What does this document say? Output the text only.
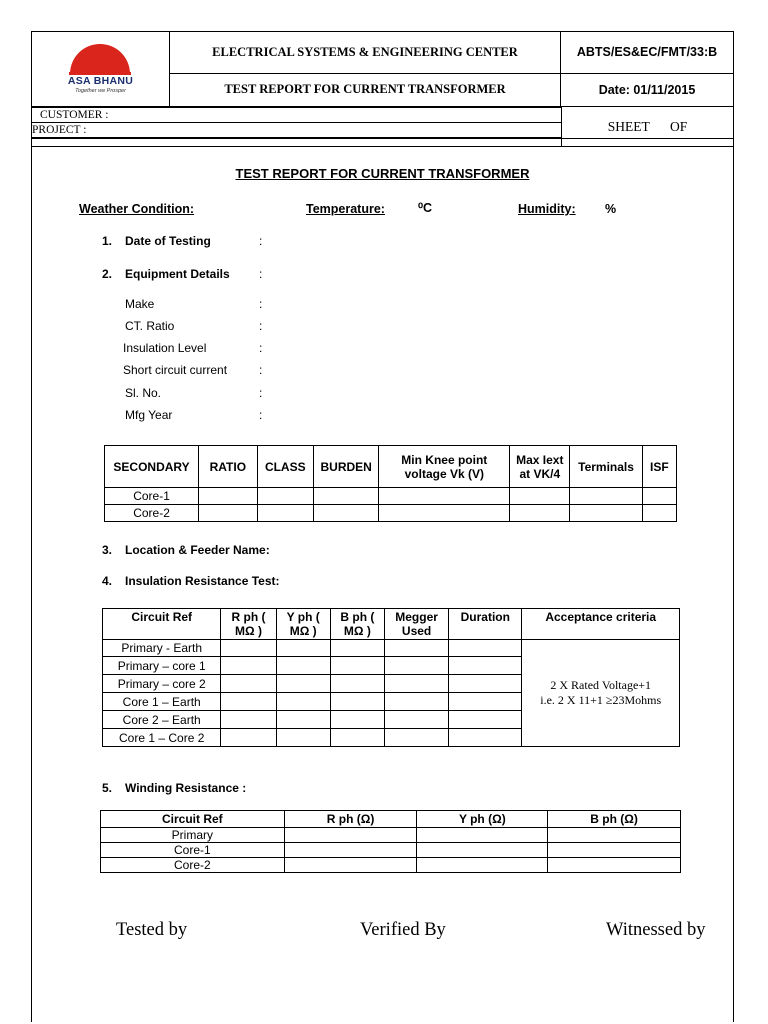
ASA BHANU
Together we Prosper	ELECTRICAL SYSTEMS & ENGINEERING CENTER	ABTS/ES&EC/FMT/33:B
	TEST REPORT FOR CURRENT TRANSFORMER	Date: 01/11/2015
CUSTOMER :
PROJECT :	SHEET OF
TEST REPORT FOR CURRENT TRANSFORMER
Weather Condition:	Temperature:	⁰C	Humidity: %
1. Date of Testing	:
2. Equipment Details :
Make	:
CT. Ratio	:
Insulation Level	:
Short circuit current	:
Sl. No.	:
Mfg Year	:
SECONDARY	RATIO	CLASS	BURDEN	Min Knee point voltage Vk (V)	Max Iext at VK/4	Terminals	ISF
Core-1							
Core-2							
3. Location & Feeder Name:
4. Insulation Resistance Test:
Circuit Ref	R ph ( MΩ )	Y ph ( MΩ )	B ph ( MΩ )	Megger Used	Duration	Acceptance criteria
Primary - Earth						2 X Rated Voltage+1
i.e. 2 X 11+1 ≥23Mohms

Primary – core 1						
Primary – core 2						
Core 1 – Earth						
Core 2 – Earth						
Core 1 – Core 2						
5. Winding Resistance :
Circuit Ref	R ph (Ω)	Y ph (Ω)	B ph (Ω)
Primary			
Core-1			
Core-2			
Tested by	Verified By	Witnessed by
